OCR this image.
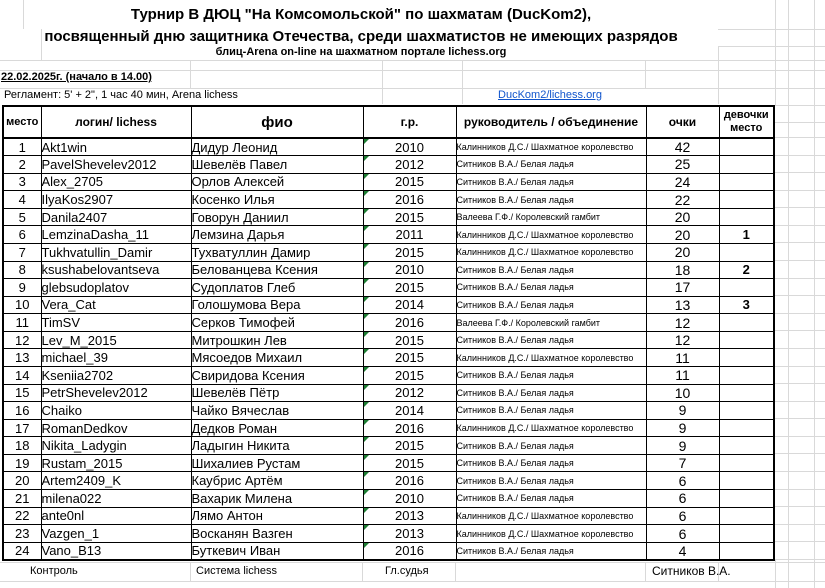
Турнир В ДЮЦ "На Комсомольской" по шахматам (DucKom2),
посвященный дню защитника Отечества, среди шахматистов не имеющих разрядов
блиц-Arena on-line на шахматном портале lichess.org
22.02.2025г. (начало в 14.00)
Регламент: 5' + 2", 1 час 40 мин, Arena lichess	DucKom2/lichess.org
место	логин/ lichess	фио	г.р.	руководитель / объединение	очки	девочки место
1	Akt1win	Дидур Леонид	2010	Калинников Д.С./ Шахматное королевство	42	
2	PavelShevelev2012	Шевелёв Павел	2012	Ситников В.А./ Белая ладья	25	
3	Alex_2705	Орлов Алексей	2015	Ситников В.А./ Белая ладья	24	
4	IlyaKos2907	Косенко Илья	2016	Ситников В.А./ Белая ладья	22	
5	Danila2407	Говорун Даниил	2015	Валеева Г.Ф./ Королевский гамбит	20	
6	LemzinaDasha_11	Лемзина Дарья	2011	Калинников Д.С./ Шахматное королевство	20	1
7	Tukhvatullin_Damir	Тухватуллин Дамир	2015	Калинников Д.С./ Шахматное королевство	20	
8	ksushabelovantseva	Белованцева Ксения	2010	Ситников В.А./ Белая ладья	18	2
9	glebsudoplatov	Судоплатов Глеб	2015	Ситников В.А./ Белая ладья	17	
10	Vera_Cat	Голошумова Вера	2014	Ситников В.А./ Белая ладья	13	3
11	TimSV	Серков Тимофей	2016	Валеева Г.Ф./ Королевский гамбит	12	
12	Lev_M_2015	Митрошкин Лев	2015	Ситников В.А./ Белая ладья	12	
13	michael_39	Мясоедов Михаил	2015	Калинников Д.С./ Шахматное королевство	11	
14	Kseniia2702	Свиридова Ксения	2015	Ситников В.А./ Белая ладья	11	
15	PetrShevelev2012	Шевелёв Пётр	2012	Ситников В.А./ Белая ладья	10	
16	Chaiko	Чайко Вячеслав	2014	Ситников В.А./ Белая ладья	9	
17	RomanDedkov	Дедков Роман	2016	Калинников Д.С./ Шахматное королевство	9	
18	Nikita_Ladygin	Ладыгин Никита	2015	Ситников В.А./ Белая ладья	9	
19	Rustam_2015	Шихалиев Рустам	2015	Ситников В.А./ Белая ладья	7	
20	Artem2409_K	Каубрис Артём	2016	Ситников В.А./ Белая ладья	6	
21	milena022	Вахарик Милена	2010	Ситников В.А./ Белая ладья	6	
22	ante0nl	Лямо Антон	2013	Калинников Д.С./ Шахматное королевство	6	
23	Vazgen_1	Восканян Вазген	2013	Калинников Д.С./ Шахматное королевство	6	
24	Vano_B13	Буткевич Иван	2016	Ситников В.А./ Белая ладья	4	
Контроль	Система lichess	Гл.судья	Ситников В.А.
